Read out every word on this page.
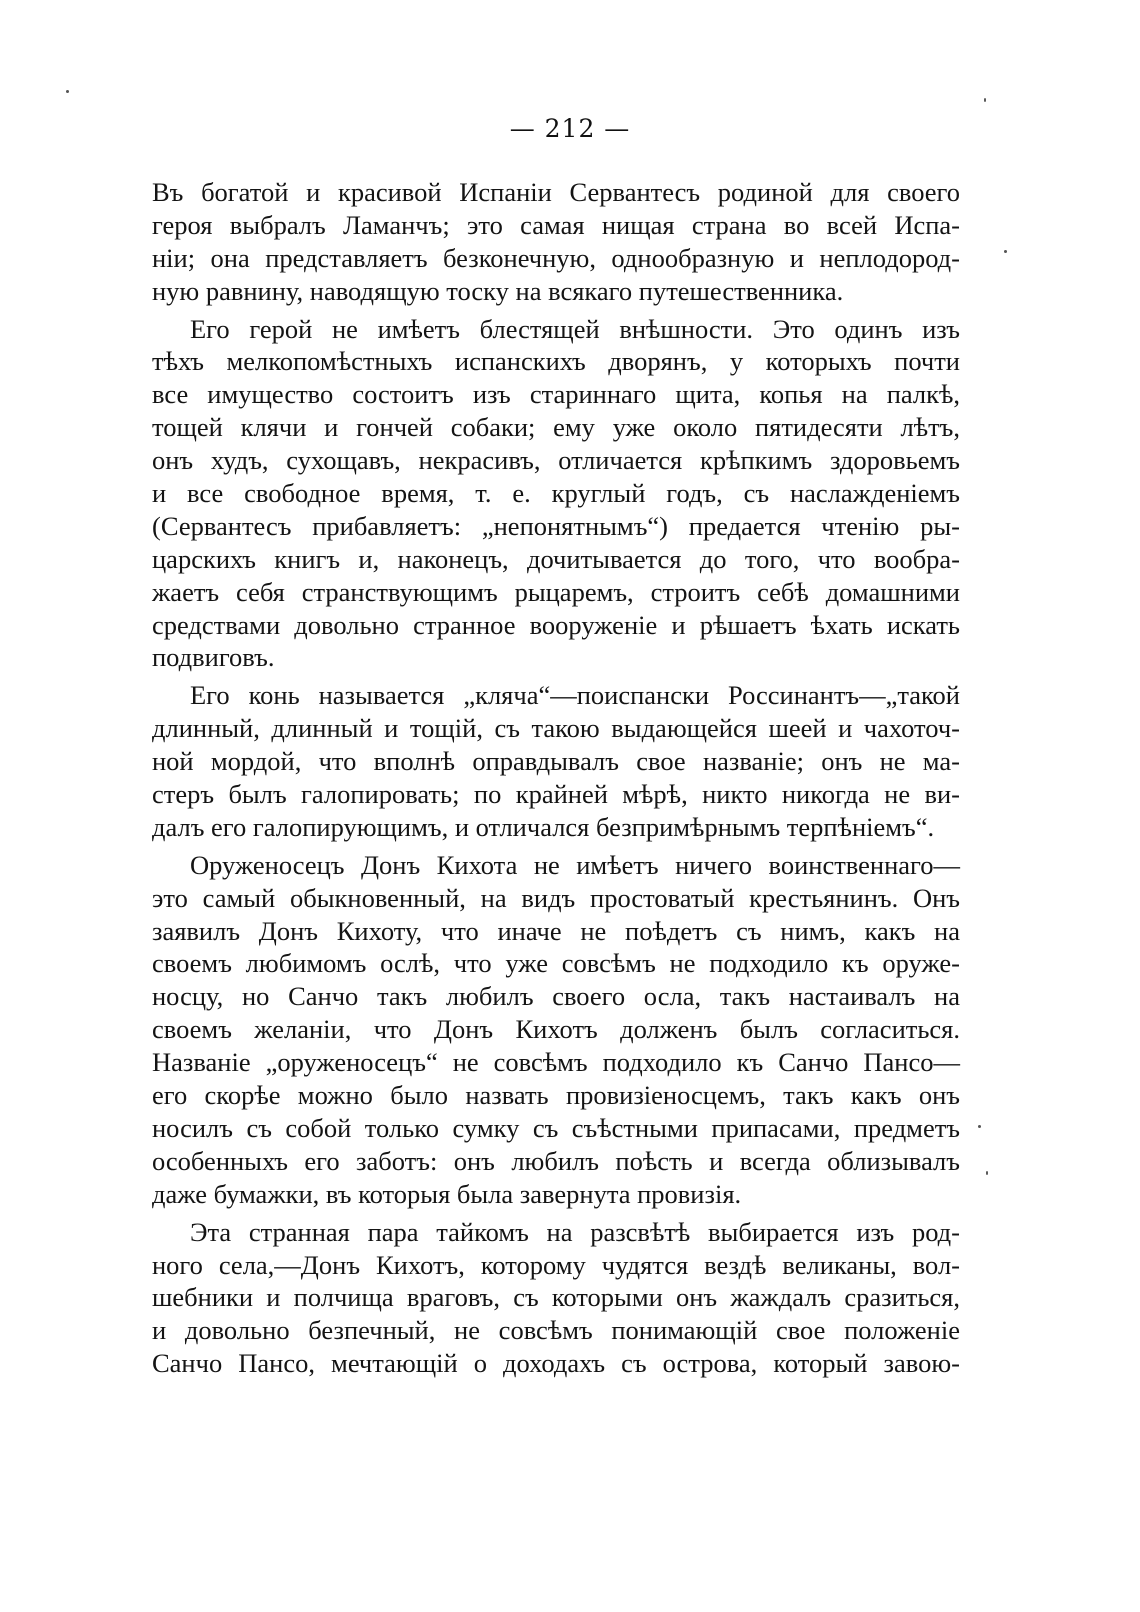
— 212 —
Въ богатой и красивой Испанiи Сервантесъ родиной для своего
героя выбралъ Ламанчъ; это самая нищая страна во всей Испа-
нiи; она представляетъ безконечную, однообразную и неплодород-
ную равнину, наводящую тоску на всякаго путешественника.
Его герой не имѣетъ блестящей внѣшности. Это одинъ изъ
тѣхъ мелкопомѣстныхъ испанскихъ дворянъ, у которыхъ почти
все имущество состоитъ изъ стариннаго щита, копья на палкѣ,
тощей клячи и гончей собаки; ему уже около пятидесяти лѣтъ,
онъ худъ, сухощавъ, некрасивъ, отличается крѣпкимъ здоровьемъ
и все свободное время, т. е. круглый годъ, съ наслажденiемъ
(Сервантесъ прибавляетъ: „непонятнымъ“) предается чтенiю ры-
царскихъ книгъ и, наконецъ, дочитывается до того, что вообра-
жаетъ себя странствующимъ рыцаремъ, строитъ себѣ домашними
средствами довольно странное вооруженiе и рѣшаетъ ѣхать искать
подвиговъ.
Его конь называется „кляча“—поиспански Россинантъ—„такой
длинный, длинный и тощiй, съ такою выдающейся шеей и чахоточ-
ной мордой, что вполнѣ оправдывалъ свое названiе; онъ не ма-
стеръ былъ галопировать; по крайней мѣрѣ, никто никогда не ви-
далъ его галопирующимъ, и отличался безпримѣрнымъ терпѣнiемъ“.
Оруженосецъ Донъ Кихота не имѣетъ ничего воинственнаго—
это самый обыкновенный, на видъ простоватый крестьянинъ. Онъ
заявилъ Донъ Кихоту, что иначе не поѣдетъ съ нимъ, какъ на
своемъ любимомъ ослѣ, что уже совсѣмъ не подходило къ оруже-
носцу, но Санчо такъ любилъ своего осла, такъ настаивалъ на
своемъ желанiи, что Донъ Кихотъ долженъ былъ согласиться.
Названiе „оруженосецъ“ не совсѣмъ подходило къ Санчо Пансо—
его скорѣе можно было назвать провизiеносцемъ, такъ какъ онъ
носилъ съ собой только сумку съ съѣстными припасами, предметъ
особенныхъ его заботъ: онъ любилъ поѣсть и всегда облизывалъ
даже бумажки, въ которыя была завернута провизiя.
Эта странная пара тайкомъ на разсвѣтѣ выбирается изъ род-
ного села,—Донъ Кихотъ, которому чудятся вездѣ великаны, вол-
шебники и полчища враговъ, съ которыми онъ жаждалъ сразиться,
и довольно безпечный, не совсѣмъ понимающiй свое положенiе
Санчо Пансо, мечтающiй о доходахъ съ острова, который завою-
